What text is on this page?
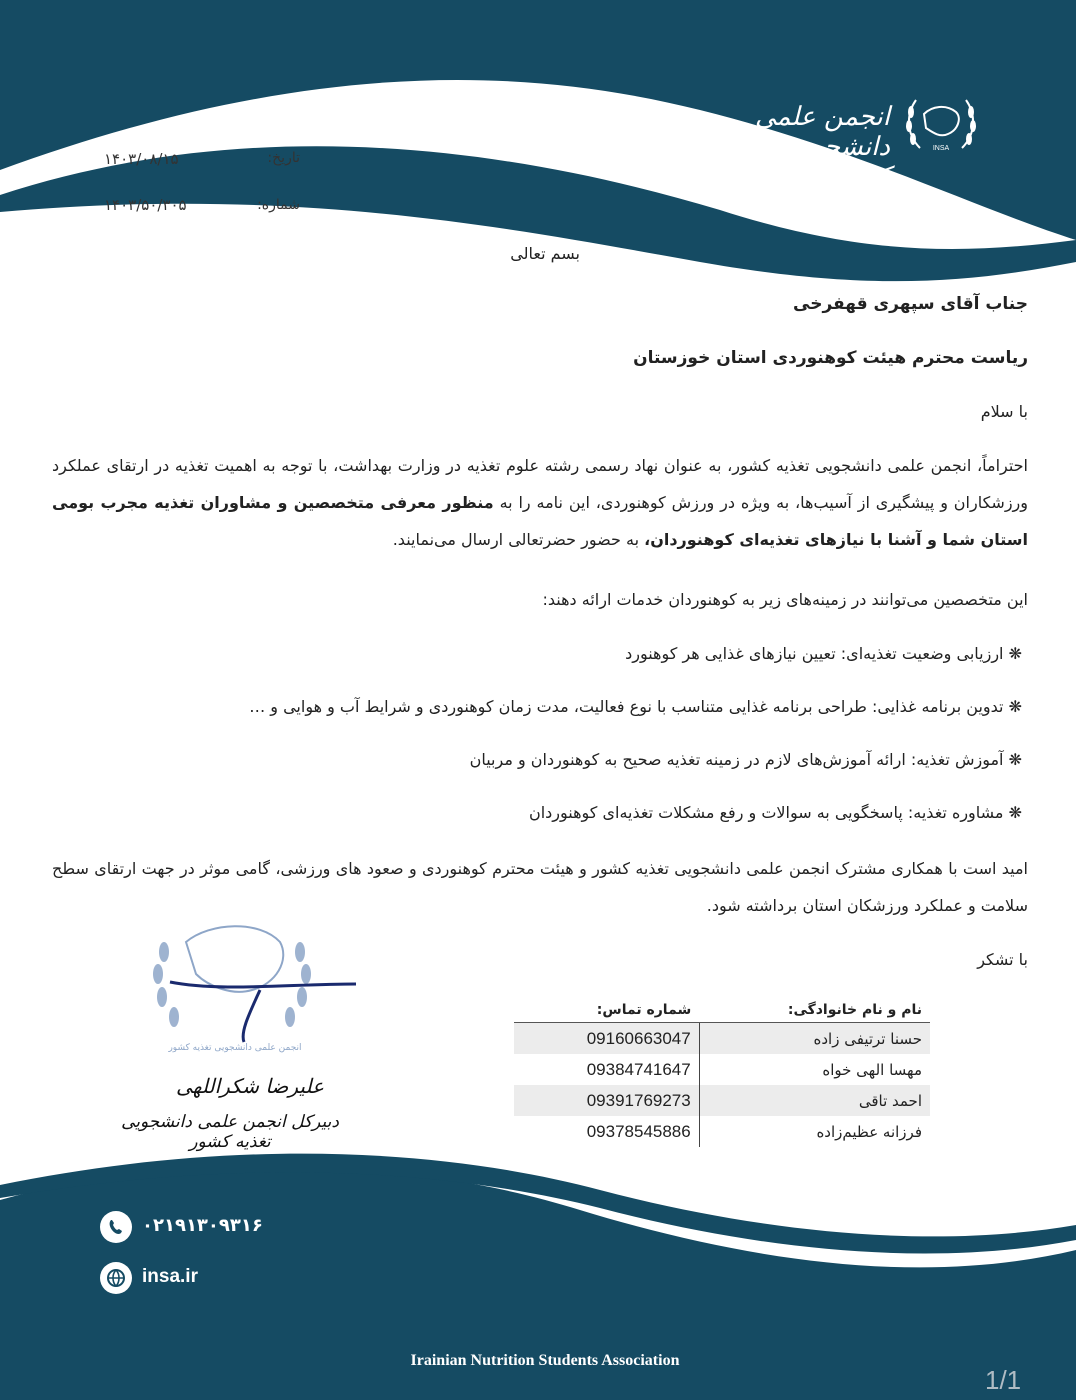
INSA
انجمن علمی دانشجویی تغذیه کشور
تاریخ:
۱۴۰۳/۰۸/۱۵
شماره:
۱۴۰۳/۵۰/۳۰۵
بسم تعالی
جناب آقای سپهری قهفرخی
ریاست محترم هیئت کوهنوردی استان خوزستان
با سلام
احتراماً، انجمن علمی دانشجویی تغذیه کشور، به عنوان نهاد رسمی رشته علوم تغذیه در وزارت بهداشت، با توجه به اهمیت تغذیه در ارتقای عملکرد ورزشکاران و پیشگیری از آسیب‌ها، به ویژه در ورزش کوهنوردی، این نامه را به منظور معرفی متخصصین و مشاوران تغذیه مجرب بومی استان شما و آشنا با نیازهای تغذیه‌ای کوهنوردان، به حضور حضرتعالی ارسال می‌نمایند.
این متخصصین می‌توانند در زمینه‌های زیر به کوهنوردان خدمات ارائه دهند:
❋ ارزیابی وضعیت تغذیه‌ای: تعیین نیازهای غذایی هر کوهنورد
❋ تدوین برنامه غذایی: طراحی برنامه غذایی متناسب با نوع فعالیت، مدت زمان کوهنوردی و شرایط آب و هوایی و …
❋ آموزش تغذیه: ارائه آموزش‌های لازم در زمینه تغذیه صحیح به کوهنوردان و مربیان
❋ مشاوره تغذیه: پاسخگویی به سوالات و رفع مشکلات تغذیه‌ای کوهنوردان
امید است با همکاری مشترک انجمن علمی دانشجویی تغذیه کشور و هیئت محترم کوهنوردی و صعود های ورزشی، گامی موثر در جهت ارتقای سطح سلامت و عملکرد ورزشکان استان برداشته شود.
با تشکر
نام و نام خانوادگی:	شماره تماس:
حسنا ترتیفی زاده	09160663047
مهسا الهی خواه	09384741647
احمد تاقی	09391769273
فرزانه عظیم‌زاده	09378545886
انجمن علمی دانشجویی تغذیه کشور
علیرضا شکراللهی
دبیرکل انجمن علمی دانشجویی تغذیه کشور
۰۲۱۹۱۳۰۹۳۱۶
insa.ir
Irainian Nutrition Students Association
1/1
